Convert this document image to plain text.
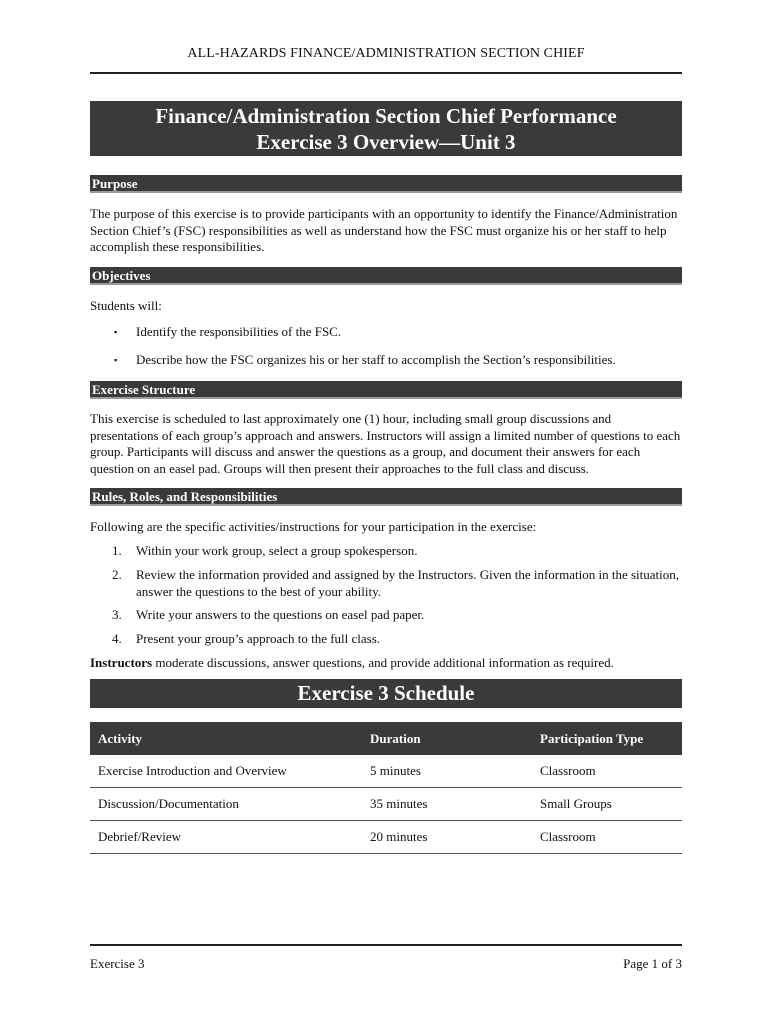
ALL-HAZARDS FINANCE/ADMINISTRATION SECTION CHIEF
Finance/Administration Section Chief Performance
Exercise 3 Overview—Unit 3
Purpose
The purpose of this exercise is to provide participants with an opportunity to identify the Finance/Administration Section Chief’s (FSC) responsibilities as well as understand how the FSC must organize his or her staff to help accomplish these responsibilities.
Objectives
Students will:
▪ Identify the responsibilities of the FSC.
▪ Describe how the FSC organizes his or her staff to accomplish the Section’s responsibilities.
Exercise Structure
This exercise is scheduled to last approximately one (1) hour, including small group discussions and presentations of each group’s approach and answers. Instructors will assign a limited number of questions to each group. Participants will discuss and answer the questions as a group, and document their answers for each question on an easel pad. Groups will then present their approaches to the full class and discuss.
Rules, Roles, and Responsibilities
Following are the specific activities/instructions for your participation in the exercise:
1. Within your work group, select a group spokesperson.
2. Review the information provided and assigned by the Instructors. Given the information in the situation, answer the questions to the best of your ability.
3. Write your answers to the questions on easel pad paper.
4. Present your group’s approach to the full class.
Instructors moderate discussions, answer questions, and provide additional information as required.
Exercise 3 Schedule
Activity	Duration	Participation Type
Exercise Introduction and Overview	5 minutes	Classroom
Discussion/Documentation	35 minutes	Small Groups
Debrief/Review	20 minutes	Classroom
Exercise 3	Page 1 of 3
